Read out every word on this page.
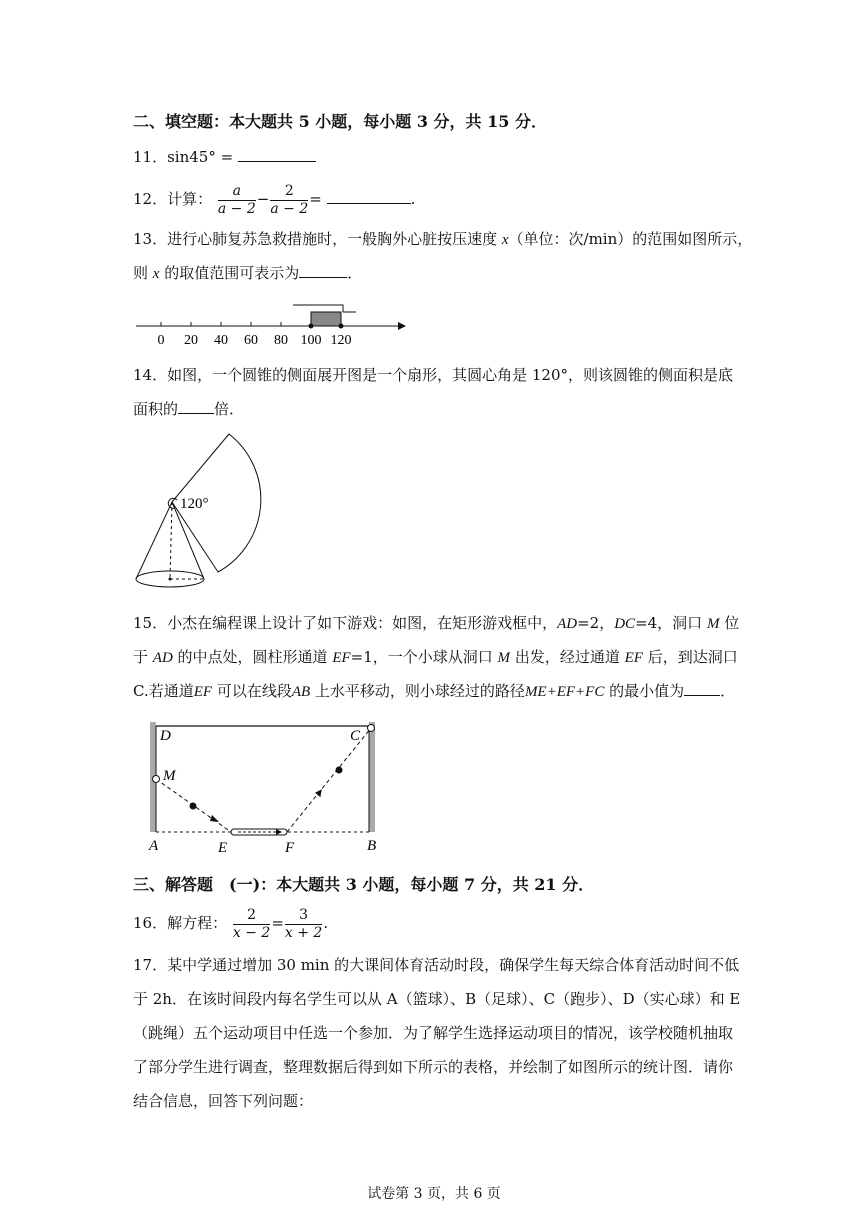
二、填空题：本大题共 5 小题，每小题 3 分，共 15 分．
11．sin45° =
12．计算： $\frac{a}{a - 2} - \frac{2}{a - 2}$ =	.
13．进行心肺复苏急救措施时，一般胸外心脏按压速度 x（单位：次/min）的范围如图所示，
则 x 的取值范围可表示为	．
0 20 40 60 80 100 120
14．如图，一个圆锥的侧面展开图是一个扇形，其圆心角是 120°，则该圆锥的侧面积是底
面积的 倍．
120°
15．小杰在编程课上设计了如下游戏：如图，在矩形游戏框中，AD=2，DC=4，洞口 M 位
于 AD 的中点处，圆柱形通道 EF=1，一个小球从洞口 M 出发，经过通道 EF 后，到达洞口
C.若通道EF 可以在线段AB 上水平移动，则小球经过的路径ME+EF+FC 的最小值为 ．
D	C
M
A	E	F	B
三、解答题　(一)：本大题共 3 小题，每小题 7 分，共 21 分．
16．解方程： $\frac{2}{x - 2} = \frac{3}{x + 2}$ .
17．某中学通过增加 30 min 的大课间体育活动时段，确保学生每天综合体育活动时间不低
于 2h．在该时间段内每名学生可以从 A（篮球）、B（足球）、C（跑步）、D（实心球）和 E
（跳绳）五个运动项目中任选一个参加．为了解学生选择运动项目的情况，该学校随机抽取
了部分学生进行调查，整理数据后得到如下所示的表格，并绘制了如图所示的统计图．请你
结合信息，回答下列问题：
试卷第 3 页，共 6 页
